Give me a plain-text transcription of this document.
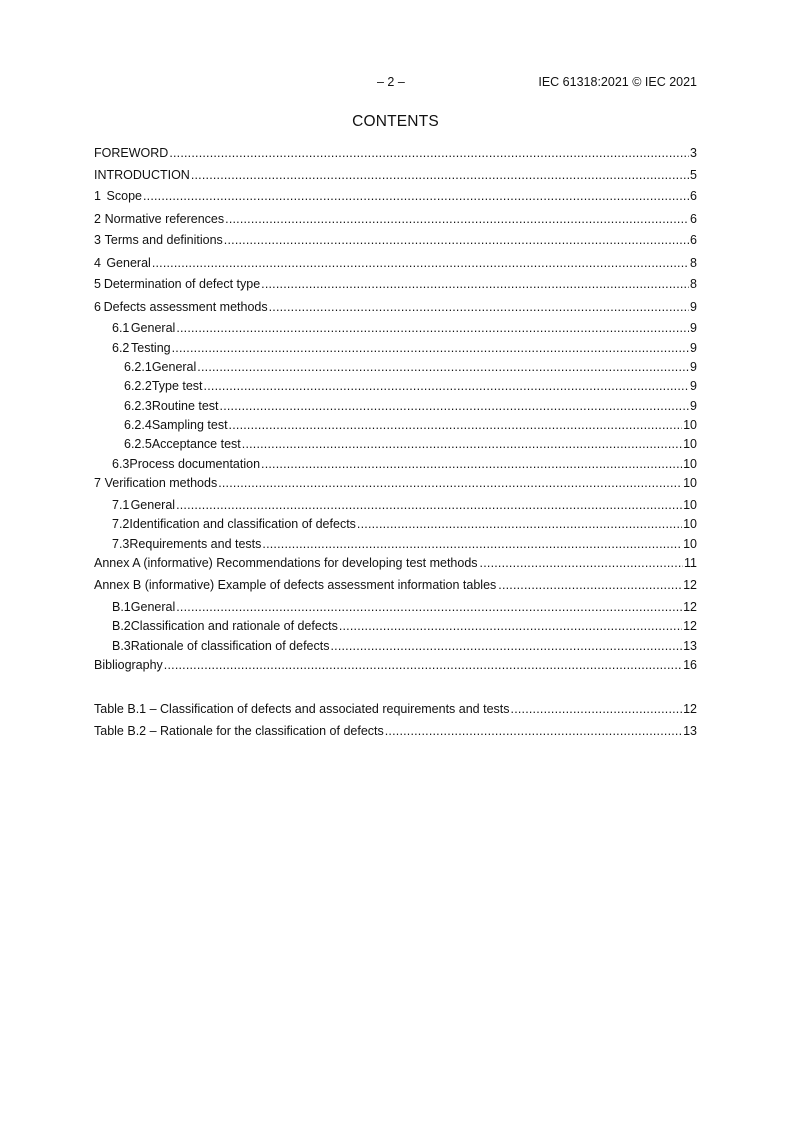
– 2 –	IEC 61318:2021 © IEC 2021
CONTENTS
FOREWORD .....	3
INTRODUCTION .....	5
1 Scope .....	6
2 Normative references .....	6
3 Terms and definitions .....	6
4 General .....	8
5 Determination of defect type .....	8
6 Defects assessment methods .....	9
6.1 General .....	9
6.2 Testing .....	9
6.2.1 General .....	9
6.2.2 Type test .....	9
6.2.3 Routine test .....	9
6.2.4 Sampling test .....	10
6.2.5 Acceptance test .....	10
6.3 Process documentation .....	10
7 Verification methods .....	10
7.1 General .....	10
7.2 Identification and classification of defects .....	10
7.3 Requirements and tests .....	10
Annex A (informative) Recommendations for developing test methods .....	11
Annex B (informative) Example of defects assessment information tables .....	12
B.1 General .....	12
B.2 Classification and rationale of defects .....	12
B.3 Rationale of classification of defects .....	13
Bibliography .....	16
Table B.1 – Classification of defects and associated requirements and tests .....	12
Table B.2 – Rationale for the classification of defects .....	13
